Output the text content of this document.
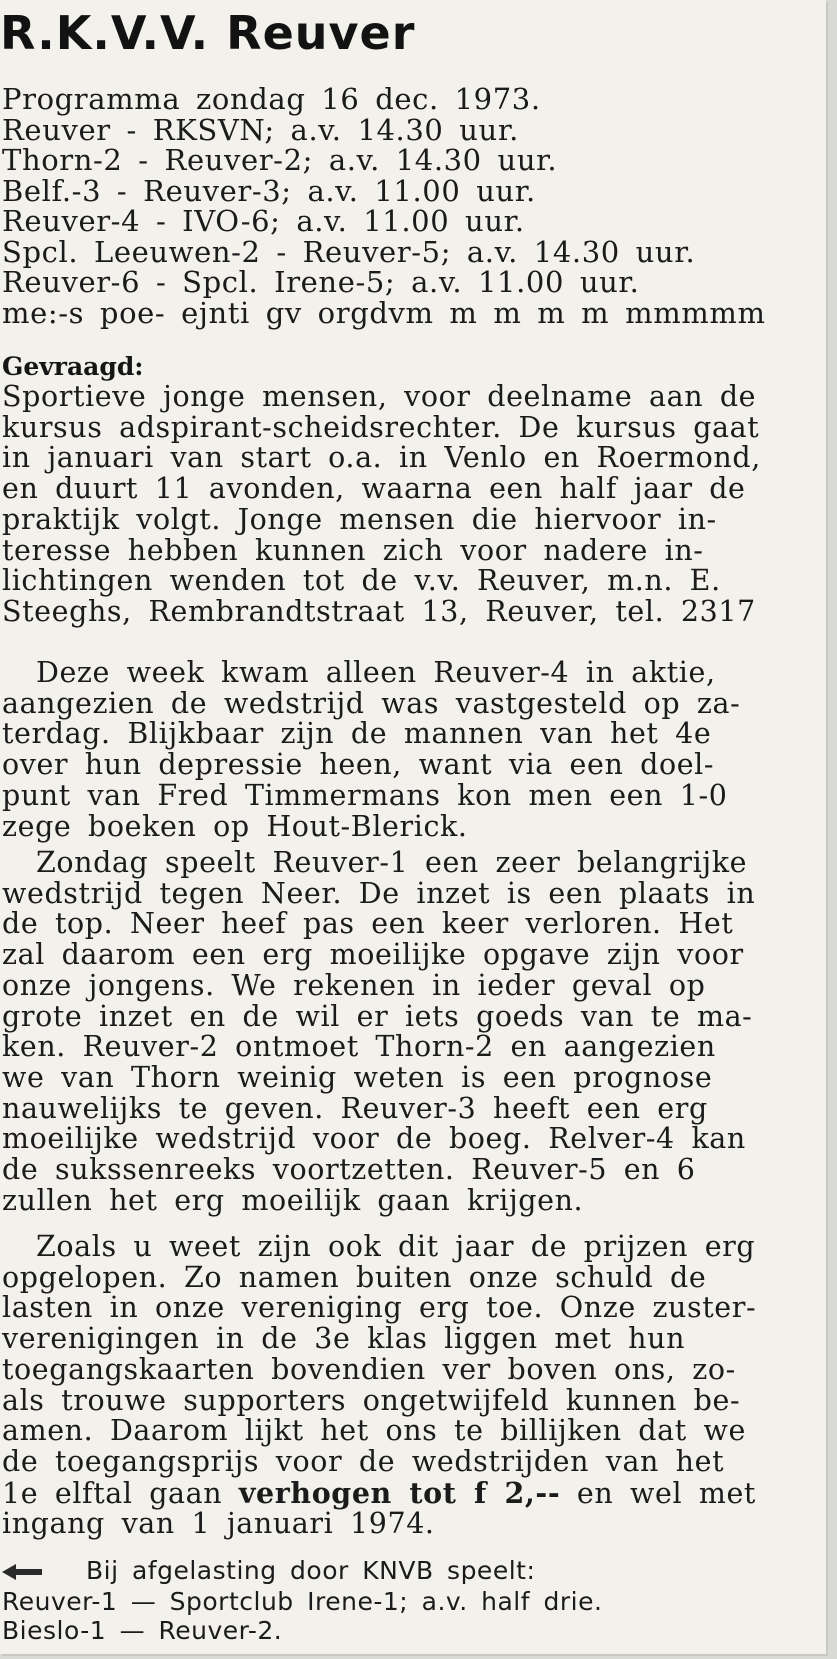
R.K.V.V. Reuver
Programma zondag 16 dec. 1973.
Reuver - RKSVN; a.v. 14.30 uur.
Thorn-2 - Reuver-2; a.v. 14.30 uur.
Belf.-3 - Reuver-3; a.v. 11.00 uur.
Reuver-4 - IVO-6; a.v. 11.00 uur.
Spcl. Leeuwen-2 - Reuver-5; a.v. 14.30 uur.
Reuver-6 - Spcl. Irene-5; a.v. 11.00 uur.
me:-s poe- ejnti gv orgdvm m m m m mmmmm
Gevraagd:
Sportieve jonge mensen, voor deelname aan de
kursus adspirant-scheidsrechter. De kursus gaat
in januari van start o.a. in Venlo en Roermond,
en duurt 11 avonden, waarna een half jaar de
praktijk volgt. Jonge mensen die hiervoor in-
teresse hebben kunnen zich voor nadere in-
lichtingen wenden tot de v.v. Reuver, m.n. E.
Steeghs, Rembrandtstraat 13, Reuver, tel. 2317
Deze week kwam alleen Reuver-4 in aktie,
aangezien de wedstrijd was vastgesteld op za-
terdag. Blijkbaar zijn de mannen van het 4e
over hun depressie heen, want via een doel-
punt van Fred Timmermans kon men een 1-0
zege boeken op Hout-Blerick.
Zondag speelt Reuver-1 een zeer belangrijke
wedstrijd tegen Neer. De inzet is een plaats in
de top. Neer heef pas een keer verloren. Het
zal daarom een erg moeilijke opgave zijn voor
onze jongens. We rekenen in ieder geval op
grote inzet en de wil er iets goeds van te ma-
ken. Reuver-2 ontmoet Thorn-2 en aangezien
we van Thorn weinig weten is een prognose
nauwelijks te geven. Reuver-3 heeft een erg
moeilijke wedstrijd voor de boeg. Relver-4 kan
de sukssenreeks voortzetten. Reuver-5 en 6
zullen het erg moeilijk gaan krijgen.
Zoals u weet zijn ook dit jaar de prijzen erg
opgelopen. Zo namen buiten onze schuld de
lasten in onze vereniging erg toe. Onze zuster-
verenigingen in de 3e klas liggen met hun
toegangskaarten bovendien ver boven ons, zo-
als trouwe supporters ongetwijfeld kunnen be-
amen. Daarom lijkt het ons te billijken dat we
de toegangsprijs voor de wedstrijden van het
1e elftal gaan verhogen tot f 2,-- en wel met
ingang van 1 januari 1974.
Bij afgelasting door KNVB speelt:
Reuver-1 — Sportclub Irene-1; a.v. half drie.
Bieslo-1 — Reuver-2.
